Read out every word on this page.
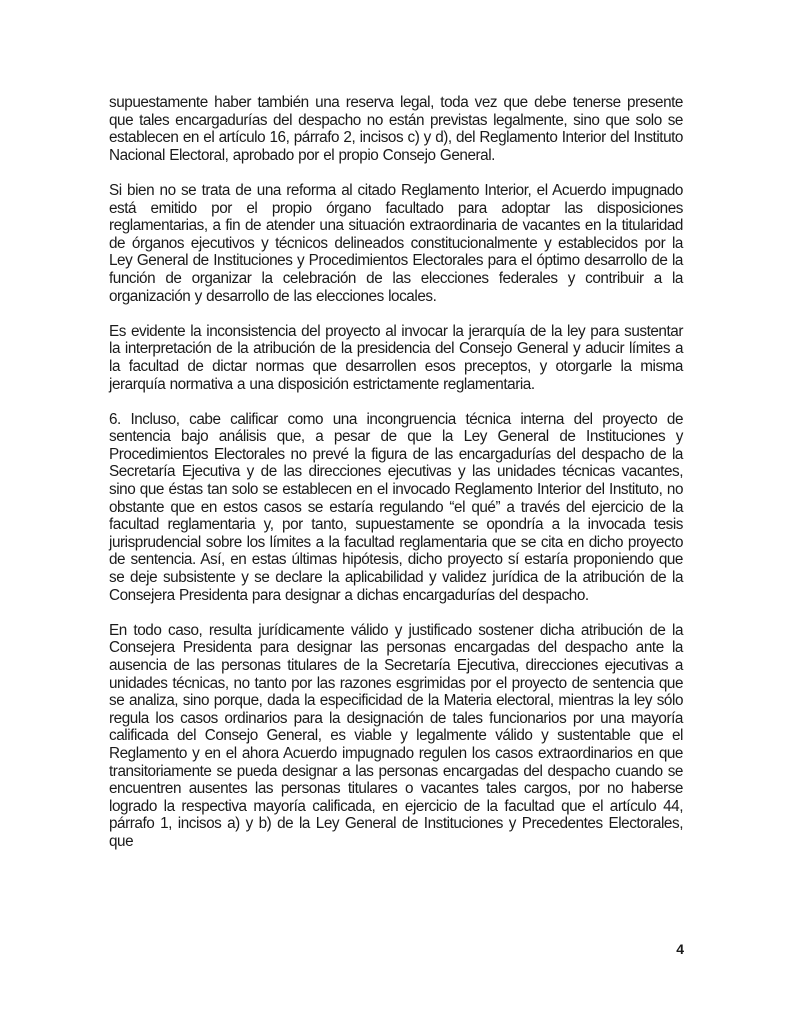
supuestamente haber también una reserva legal, toda vez que debe tenerse presente que tales encargadurías del despacho no están previstas legalmente, sino que solo se establecen en el artículo 16, párrafo 2, incisos c) y d), del Reglamento Interior del Instituto Nacional Electoral, aprobado por el propio Consejo General.

Si bien no se trata de una reforma al citado Reglamento Interior, el Acuerdo impugnado está emitido por el propio órgano facultado para adoptar las disposiciones reglamentarias, a fin de atender una situación extraordinaria de vacantes en la titularidad de órganos ejecutivos y técnicos delineados constitucionalmente y establecidos por la Ley General de Instituciones y Procedimientos Electorales para el óptimo desarrollo de la función de organizar la celebración de las elecciones federales y contribuir a la organización y desarrollo de las elecciones locales.

Es evidente la inconsistencia del proyecto al invocar la jerarquía de la ley para sustentar la interpretación de la atribución de la presidencia del Consejo General y aducir límites a la facultad de dictar normas que desarrollen esos preceptos, y otorgarle la misma jerarquía normativa a una disposición estrictamente reglamentaria.

6. Incluso, cabe calificar como una incongruencia técnica interna del proyecto de sentencia bajo análisis que, a pesar de que la Ley General de Instituciones y Procedimientos Electorales no prevé la figura de las encargadurías del despacho de la Secretaría Ejecutiva y de las direcciones ejecutivas y las unidades técnicas vacantes, sino que éstas tan solo se establecen en el invocado Reglamento Interior del Instituto, no obstante que en estos casos se estaría regulando “el qué” a través del ejercicio de la facultad reglamentaria y, por tanto, supuestamente se opondría a la invocada tesis jurisprudencial sobre los límites a la facultad reglamentaria que se cita en dicho proyecto de sentencia. Así, en estas últimas hipótesis, dicho proyecto sí estaría proponiendo que se deje subsistente y se declare la aplicabilidad y validez jurídica de la atribución de la Consejera Presidenta para designar a dichas encargadurías del despacho.

En todo caso, resulta jurídicamente válido y justificado sostener dicha atribución de la Consejera Presidenta para designar las personas encargadas del despacho ante la ausencia de las personas titulares de la Secretaría Ejecutiva, direcciones ejecutivas a unidades técnicas, no tanto por las razones esgrimidas por el proyecto de sentencia que se analiza, sino porque, dada la especificidad de la Materia electoral, mientras la ley sólo regula los casos ordinarios para la designación de tales funcionarios por una mayoría calificada del Consejo General, es viable y legalmente válido y sustentable que el Reglamento y en el ahora Acuerdo impugnado regulen los casos extraordinarios en que transitoriamente se pueda designar a las personas encargadas del despacho cuando se encuentren ausentes las personas titulares o vacantes tales cargos, por no haberse logrado la respectiva mayoría calificada, en ejercicio de la facultad que el artículo 44, párrafo 1, incisos a) y b) de la Ley General de Instituciones y Precedentes Electorales, que

4
